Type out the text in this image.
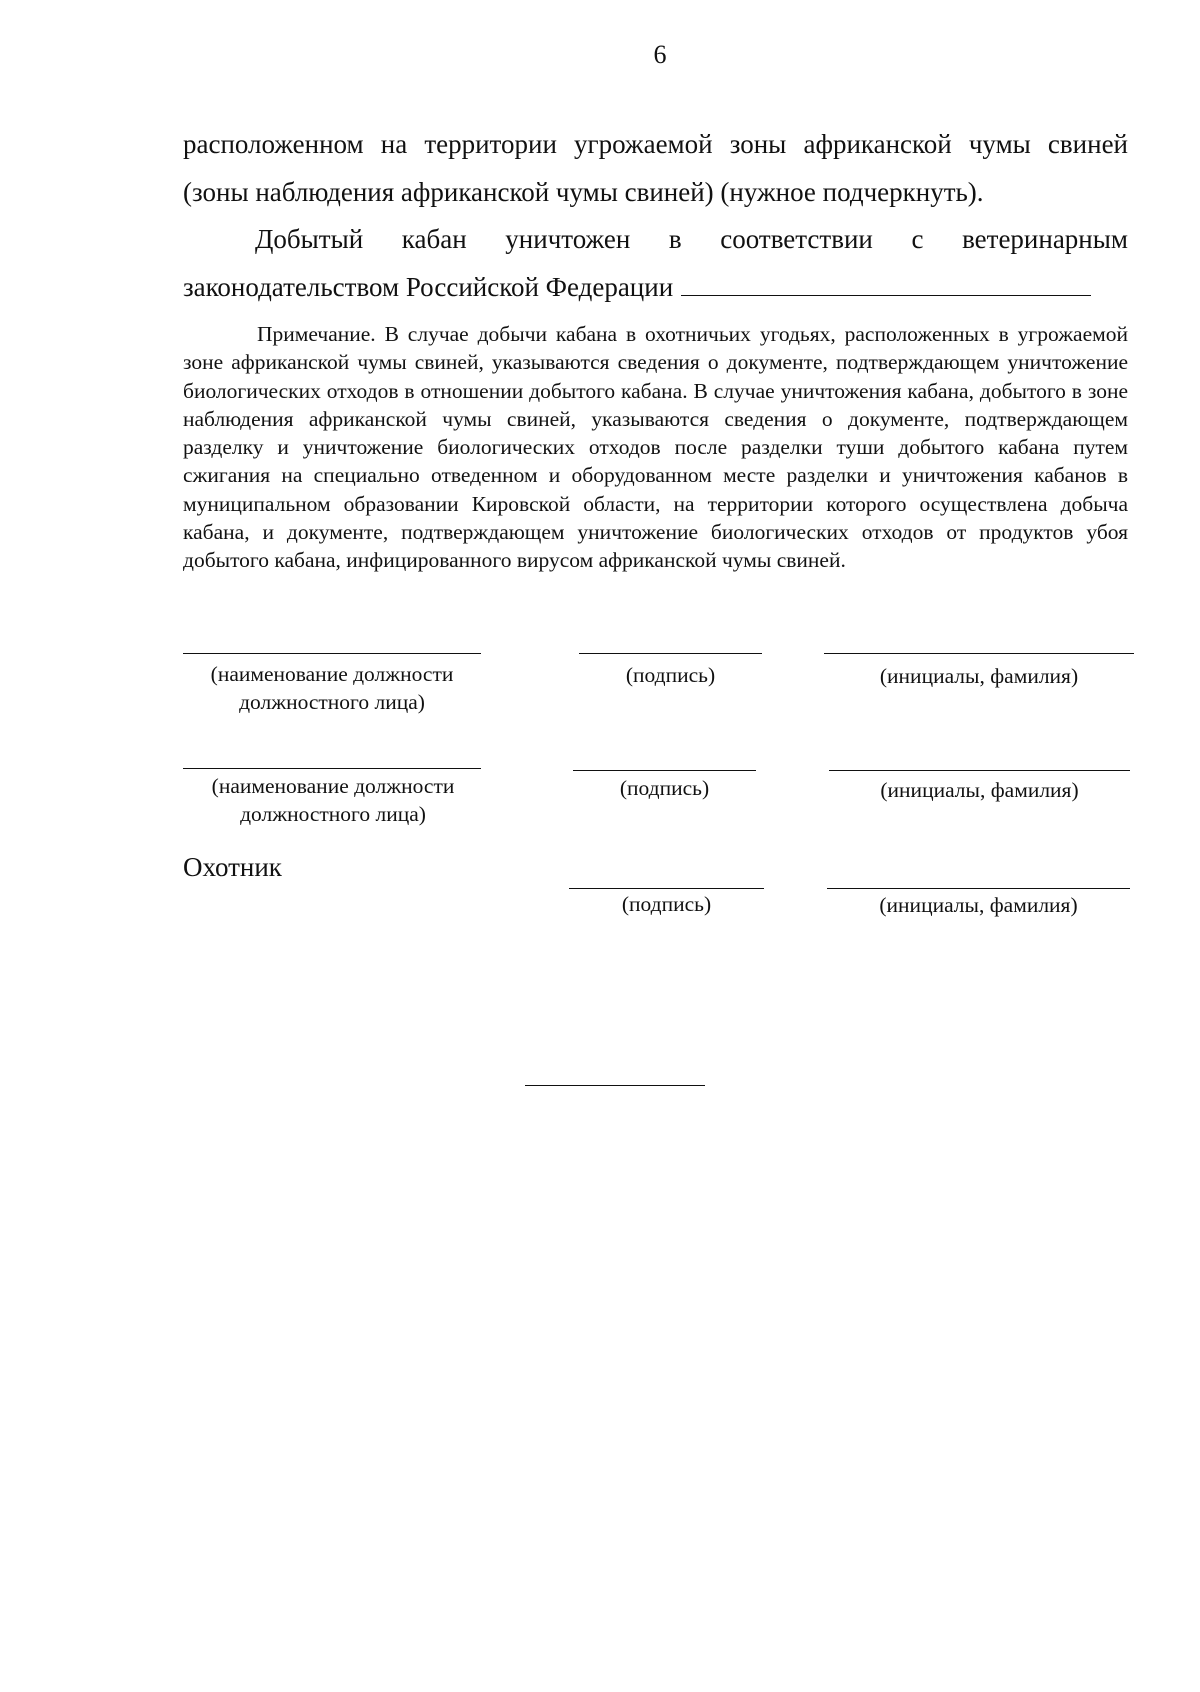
6
расположенном на территории угрожаемой зоны африканской чумы свиней
(зоны наблюдения африканской чумы свиней) (нужное подчеркнуть).
Добытый кабан уничтожен в соответствии с ветеринарным
законодательством Российской Федерации
Примечание. В случае добычи кабана в охотничьих угодьях, расположенных в угрожаемой зоне африканской чумы свиней, указываются сведения о документе, подтверждающем уничтожение биологических отходов в отношении добытого кабана. В случае уничтожения кабана, добытого в зоне наблюдения африканской чумы свиней, указываются сведения о документе, подтверждающем разделку и уничтожение биологических отходов после разделки туши добытого кабана путем сжигания на специально отведенном и оборудованном месте разделки и уничтожения кабанов в муниципальном образовании Кировской области, на территории которого осуществлена добыча кабана, и документе, подтверждающем уничтожение биологических отходов от продуктов убоя добытого кабана, инфицированного вирусом африканской чумы свиней.
(наименование должности
должностного лица)
(подпись)	(инициалы, фамилия)
(наименование должности
должностного лица)
(подпись)	(инициалы, фамилия)
Охотник
(подпись)	(инициалы, фамилия)
